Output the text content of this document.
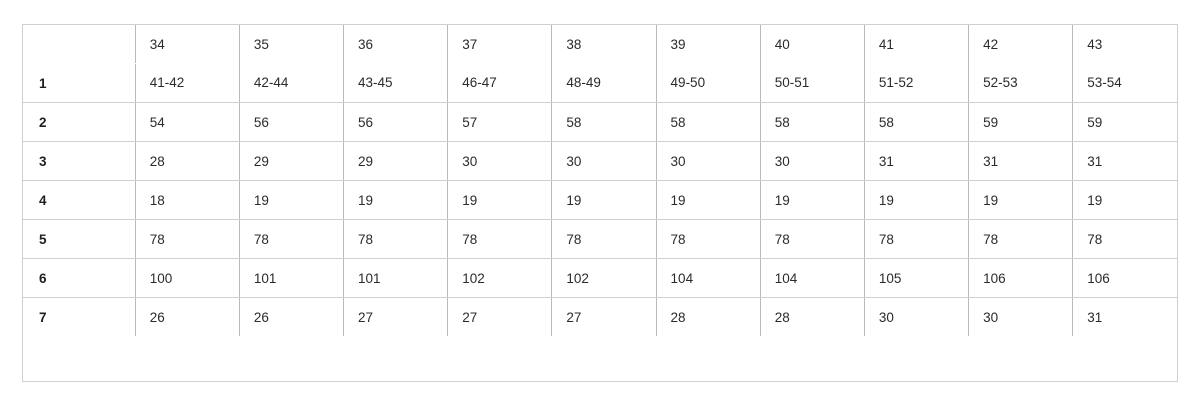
	34	35	36	37	38	39	40	41	42	43
1	41-42	42-44	43-45	46-47	48-49	49-50	50-51	51-52	52-53	53-54
2	54	56	56	57	58	58	58	58	59	59
3	28	29	29	30	30	30	30	31	31	31
4	18	19	19	19	19	19	19	19	19	19
5	78	78	78	78	78	78	78	78	78	78
6	100	101	101	102	102	104	104	105	106	106
7	26	26	27	27	27	28	28	30	30	31
